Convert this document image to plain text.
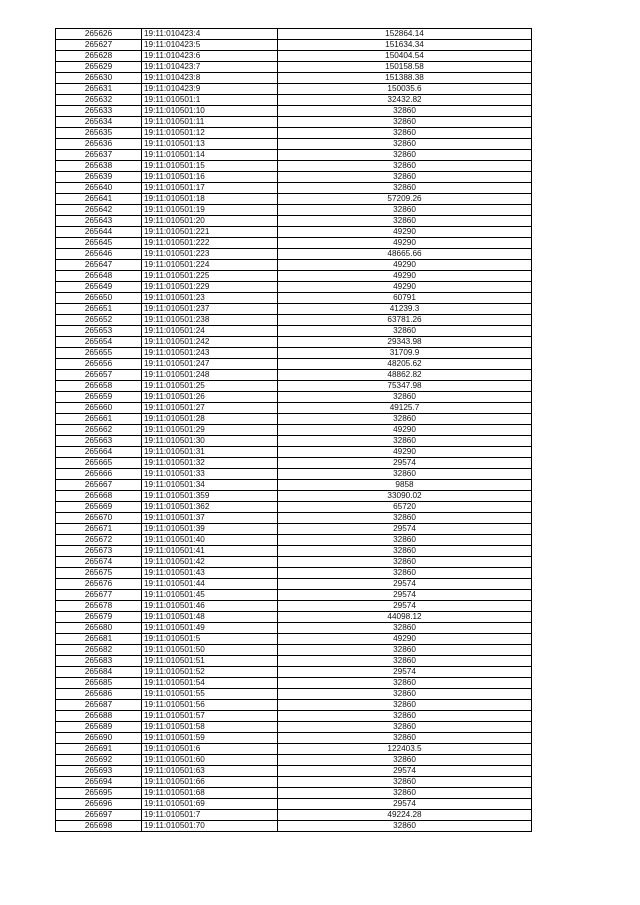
265626	19:11:010423:4	152864.14
265627	19:11:010423:5	151634.34
265628	19:11:010423:6	150404.54
265629	19:11:010423:7	150158.58
265630	19:11:010423:8	151388.38
265631	19:11:010423:9	150035.6
265632	19:11:010501:1	32432.82
265633	19:11:010501:10	32860
265634	19:11:010501:11	32860
265635	19:11:010501:12	32860
265636	19:11:010501:13	32860
265637	19:11:010501:14	32860
265638	19:11:010501:15	32860
265639	19:11:010501:16	32860
265640	19:11:010501:17	32860
265641	19:11:010501:18	57209.26
265642	19:11:010501:19	32860
265643	19:11:010501:20	32860
265644	19:11:010501:221	49290
265645	19:11:010501:222	49290
265646	19:11:010501:223	48665.66
265647	19:11:010501:224	49290
265648	19:11:010501:225	49290
265649	19:11:010501:229	49290
265650	19:11:010501:23	60791
265651	19:11:010501:237	41239.3
265652	19:11:010501:238	63781.26
265653	19:11:010501:24	32860
265654	19:11:010501:242	29343.98
265655	19:11:010501:243	31709.9
265656	19:11:010501:247	48205.62
265657	19:11:010501:248	48862.82
265658	19:11:010501:25	75347.98
265659	19:11:010501:26	32860
265660	19:11:010501:27	49125.7
265661	19:11:010501:28	32860
265662	19:11:010501:29	49290
265663	19:11:010501:30	32860
265664	19:11:010501:31	49290
265665	19:11:010501:32	29574
265666	19:11:010501:33	32860
265667	19:11:010501:34	9858
265668	19:11:010501:359	33090.02
265669	19:11:010501:362	65720
265670	19:11:010501:37	32860
265671	19:11:010501:39	29574
265672	19:11:010501:40	32860
265673	19:11:010501:41	32860
265674	19:11:010501:42	32860
265675	19:11:010501:43	32860
265676	19:11:010501:44	29574
265677	19:11:010501:45	29574
265678	19:11:010501:46	29574
265679	19:11:010501:48	44098.12
265680	19:11:010501:49	32860
265681	19:11:010501:5	49290
265682	19:11:010501:50	32860
265683	19:11:010501:51	32860
265684	19:11:010501:52	29574
265685	19:11:010501:54	32860
265686	19:11:010501:55	32860
265687	19:11:010501:56	32860
265688	19:11:010501:57	32860
265689	19:11:010501:58	32860
265690	19:11:010501:59	32860
265691	19:11:010501:6	122403.5
265692	19:11:010501:60	32860
265693	19:11:010501:63	29574
265694	19:11:010501:66	32860
265695	19:11:010501:68	32860
265696	19:11:010501:69	29574
265697	19:11:010501:7	49224.28
265698	19:11:010501:70	32860
